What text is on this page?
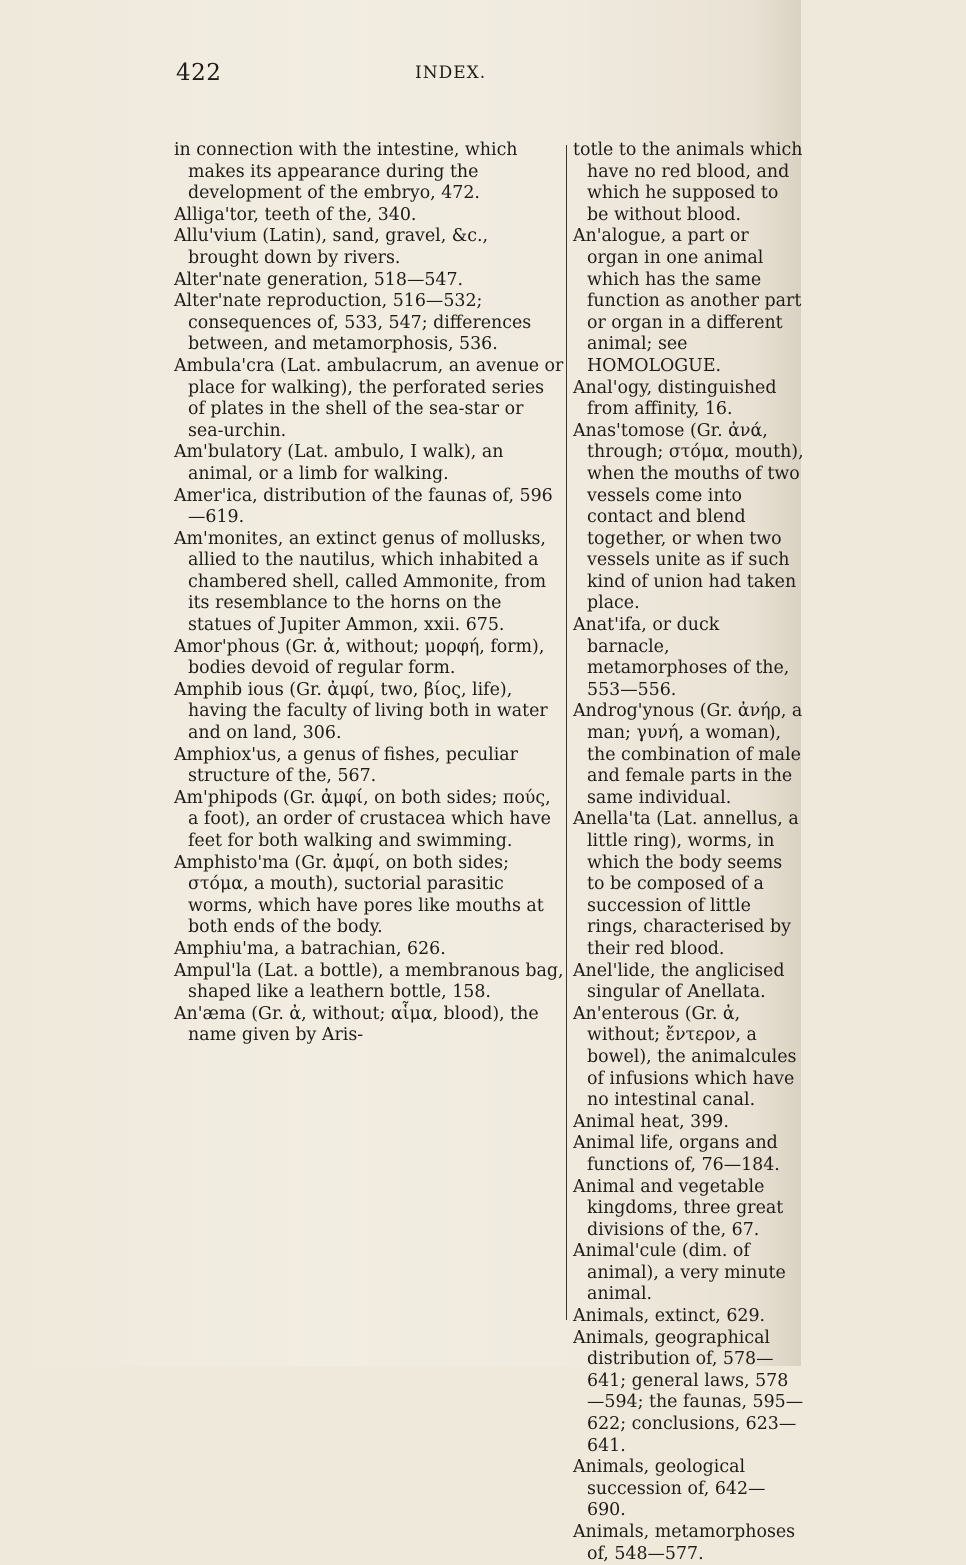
422	INDEX.

in connection with the intestine, which makes its appearance during the development of the embryo, 472.

Alliga'tor, teeth of the, 340.

Allu'vium (Latin), sand, gravel, &c., brought down by rivers.

Alter'nate generation, 518—547.

Alter'nate reproduction, 516—532; consequences of, 533, 547; differences between, and metamorphosis, 536.

Ambula'cra (Lat. ambulacrum, an avenue or place for walking), the perforated series of plates in the shell of the sea-star or sea-urchin.

Am'bulatory (Lat. ambulo, I walk), an animal, or a limb for walking.

Amer'ica, distribution of the faunas of, 596—619.

Am'monites, an extinct genus of mollusks, allied to the nautilus, which inhabited a chambered shell, called Ammonite, from its resemblance to the horns on the statues of Jupiter Ammon, xxii. 675.

Amor'phous (Gr. ἀ, without; μορφή, form), bodies devoid of regular form.

Amphib ious (Gr. ἀμφί, two, βίος, life), having the faculty of living both in water and on land, 306.

Amphiox'us, a genus of fishes, peculiar structure of the, 567.

Am'phipods (Gr. ἀμφί, on both sides; πούς, a foot), an order of crustacea which have feet for both walking and swimming.

Amphisto'ma (Gr. ἀμφί, on both sides; στόμα, a mouth), suctorial parasitic worms, which have pores like mouths at both ends of the body.

Amphiu'ma, a batrachian, 626.

Ampul'la (Lat. a bottle), a membranous bag, shaped like a leathern bottle, 158.

An'æma (Gr. ἀ, without; αἷμα, blood), the name given by Aris-

totle to the animals which have no red blood, and which he supposed to be without blood.

An'alogue, a part or organ in one animal which has the same function as another part or organ in a different animal; see HOMOLOGUE.

Anal'ogy, distinguished from affinity, 16.

Anas'tomose (Gr. ἀνά, through; στόμα, mouth), when the mouths of two vessels come into contact and blend together, or when two vessels unite as if such kind of union had taken place.

Anat'ifa, or duck barnacle, metamorphoses of the, 553—556.

Androg'ynous (Gr. ἀνήρ, a man; γυνή, a woman), the combination of male and female parts in the same individual.

Anella'ta (Lat. annellus, a little ring), worms, in which the body seems to be composed of a succession of little rings, characterised by their red blood.

Anel'lide, the anglicised singular of Anellata.

An'enterous (Gr. ἀ, without; ἔντερον, a bowel), the animalcules of infusions which have no intestinal canal.

Animal heat, 399.

Animal life, organs and functions of, 76—184.

Animal and vegetable kingdoms, three great divisions of the, 67.

Animal'cule (dim. of animal), a very minute animal.

Animals, extinct, 629.

Animals, geographical distribution of, 578—641; general laws, 578—594; the faunas, 595—622; conclusions, 623—641.

Animals, geological succession of, 642—690.

Animals, metamorphoses of, 548—577.
